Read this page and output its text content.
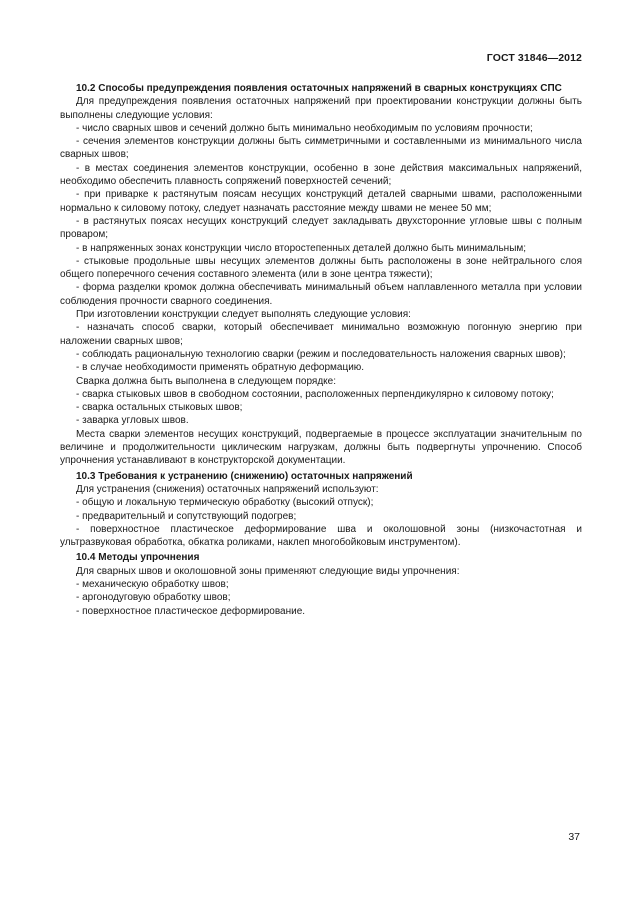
ГОСТ 31846—2012

10.2 Способы предупреждения появления остаточных напряжений в сварных конструкциях СПС

Для предупреждения появления остаточных напряжений при проектировании конструкции должны быть выполнены следующие условия:

- число сварных швов и сечений должно быть минимально необходимым по условиям прочности;

- сечения элементов конструкции должны быть симметричными и составленными из минимального числа сварных швов;

- в местах соединения элементов конструкции, особенно в зоне действия максимальных напряжений, необходимо обеспечить плавность сопряжений поверхностей сечений;

- при приварке к растянутым поясам несущих конструкций деталей сварными швами, расположенными нормально к силовому потоку, следует назначать расстояние между швами не менее 50 мм;

- в растянутых поясах несущих конструкций следует закладывать двухсторонние угловые швы с полным проваром;

- в напряженных зонах конструкции число второстепенных деталей должно быть минимальным;

- стыковые продольные швы несущих элементов должны быть расположены в зоне нейтрального слоя общего поперечного сечения составного элемента (или в зоне центра тяжести);

- форма разделки кромок должна обеспечивать минимальный объем наплавленного металла при условии соблюдения прочности сварного соединения.

При изготовлении конструкции следует выполнять следующие условия:

- назначать способ сварки, который обеспечивает минимально возможную погонную энергию при наложении сварных швов;

- соблюдать рациональную технологию сварки (режим и последовательность наложения сварных швов);

- в случае необходимости применять обратную деформацию.

Сварка должна быть выполнена в следующем порядке:

- сварка стыковых швов в свободном состоянии, расположенных перпендикулярно к силовому потоку;

- сварка остальных стыковых швов;

- заварка угловых швов.

Места сварки элементов несущих конструкций, подвергаемые в процессе эксплуатации значительным по величине и продолжительности циклическим нагрузкам, должны быть подвергнуты упрочнению. Способ упрочнения устанавливают в конструкторской документации.

10.3 Требования к устранению (снижению) остаточных напряжений

Для устранения (снижения) остаточных напряжений используют:

- общую и локальную термическую обработку (высокий отпуск);

- предварительный и сопутствующий подогрев;

- поверхностное пластическое деформирование шва и околошовной зоны (низкочастотная и ультразвуковая обработка, обкатка роликами, наклеп многобойковым инструментом).

10.4 Методы упрочнения

Для сварных швов и околошовной зоны применяют следующие виды упрочнения:

- механическую обработку швов;

- аргонодуговую обработку швов;

- поверхностное пластическое деформирование.

37
